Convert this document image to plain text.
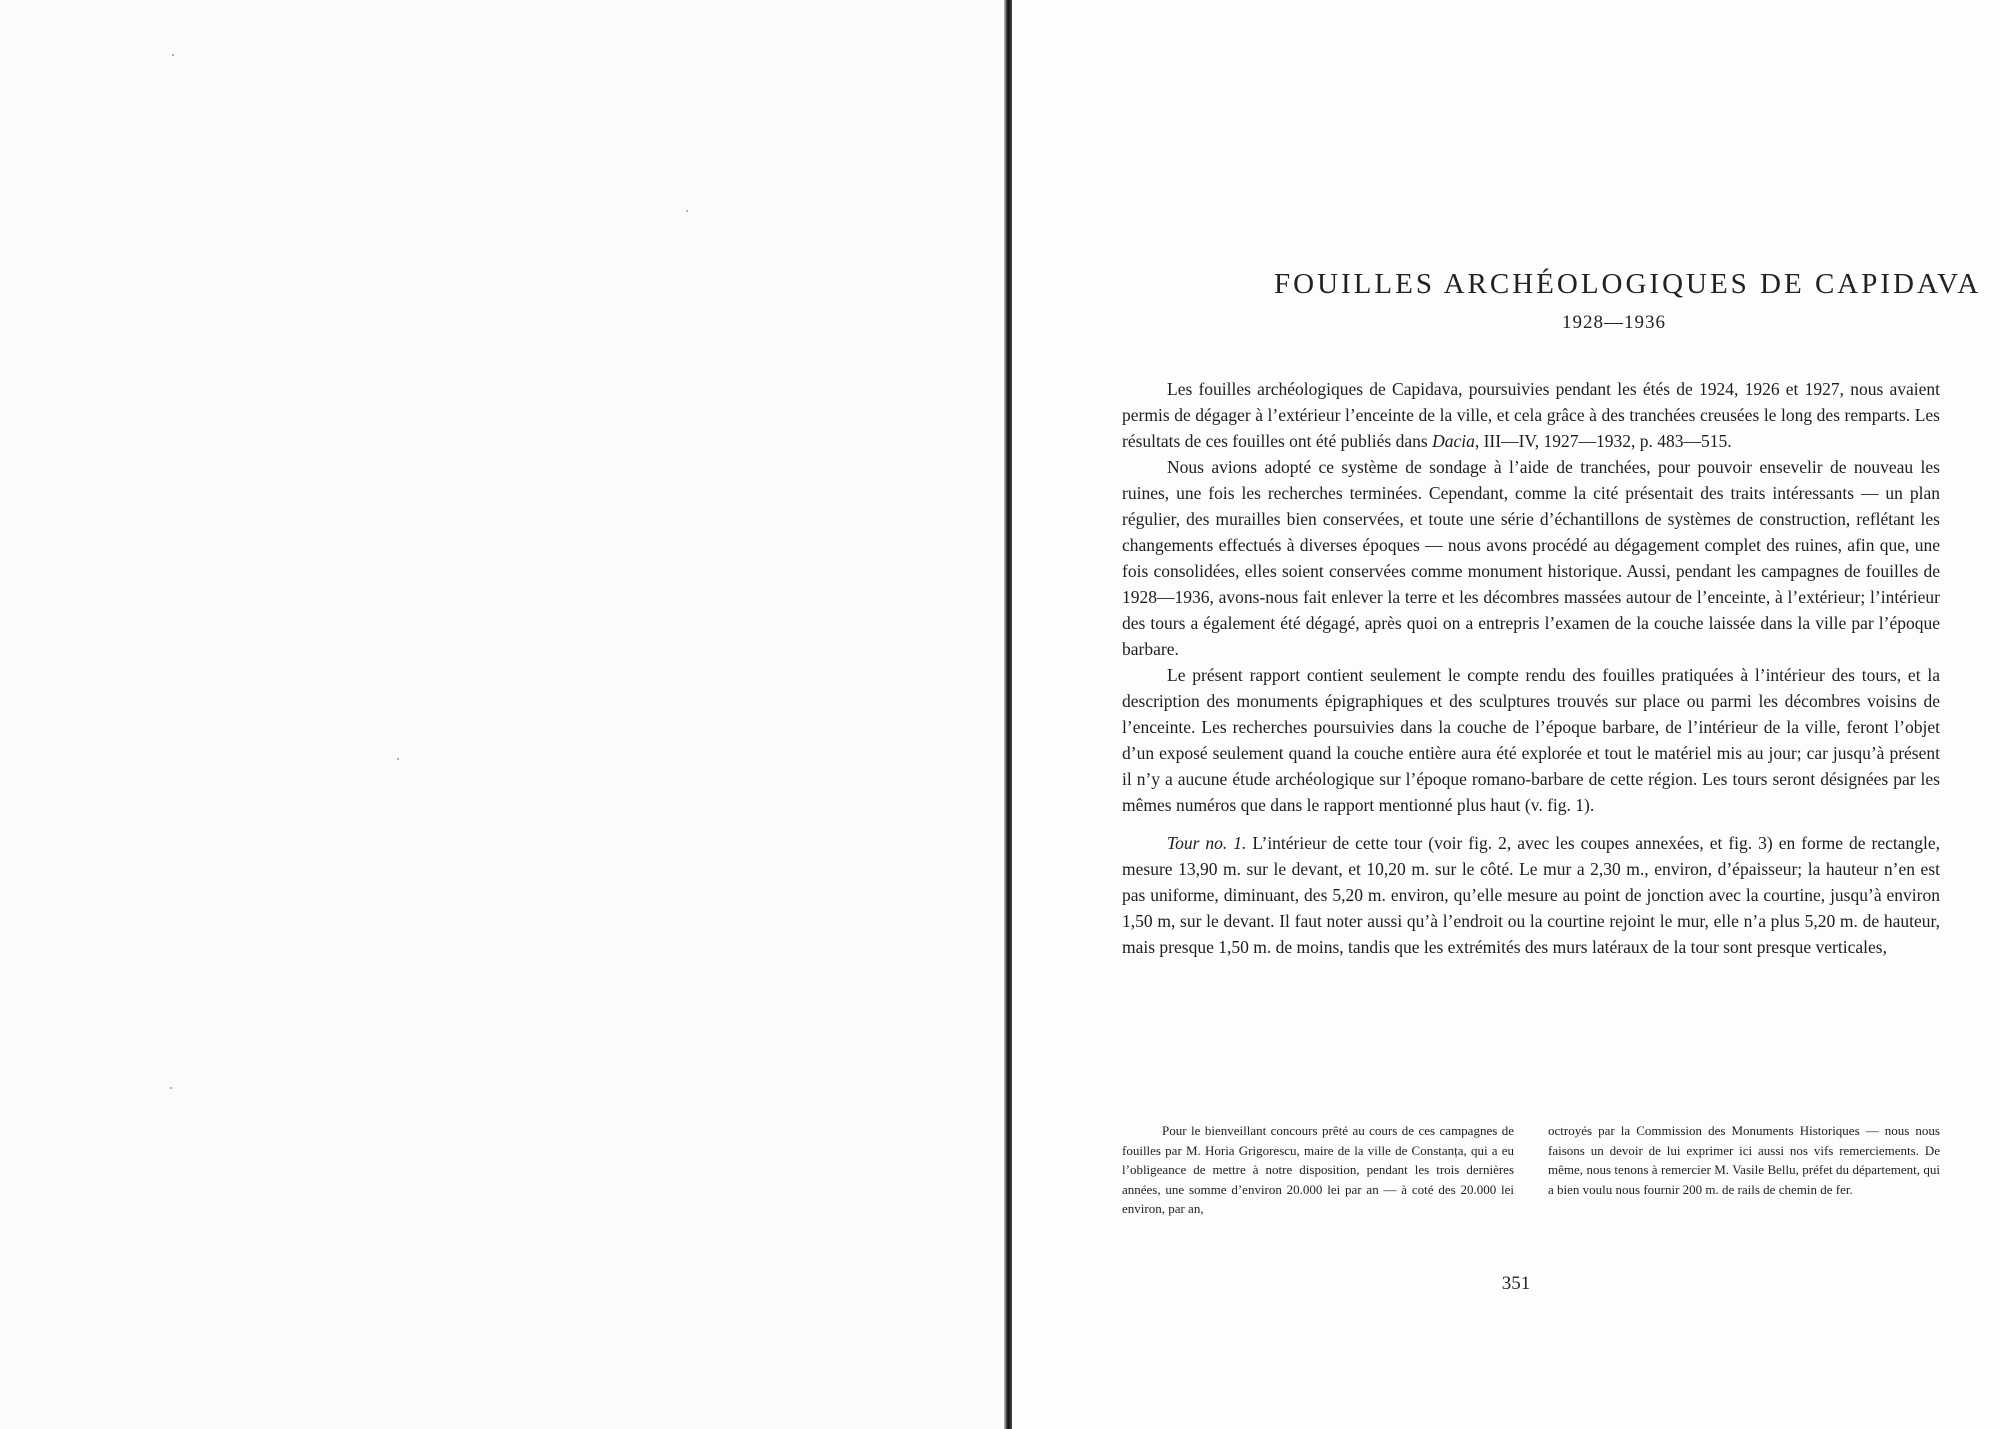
FOUILLES ARCHÉOLOGIQUES DE CAPIDAVA
1928—1936

Les fouilles archéologiques de Capidava, poursuivies pendant les étés de 1924, 1926 et 1927, nous avaient permis de dégager à l’extérieur l’enceinte de la ville, et cela grâce à des tranchées creusées le long des remparts. Les résultats de ces fouilles ont été publiés dans Dacia, III—IV, 1927—1932, p. 483—515.

Nous avions adopté ce système de sondage à l’aide de tranchées, pour pouvoir ensevelir de nouveau les ruines, une fois les recherches terminées. Cependant, comme la cité présentait des traits intéressants — un plan régulier, des murailles bien conservées, et toute une série d’échantillons de systèmes de construction, reflétant les changements effectués à diverses époques — nous avons procédé au dégagement complet des ruines, afin que, une fois consolidées, elles soient conservées comme monument historique. Aussi, pendant les campagnes de fouilles de 1928—1936, avons-nous fait enlever la terre et les décombres massées autour de l’enceinte, à l’extérieur; l’intérieur des tours a également été dégagé, après quoi on a entrepris l’examen de la couche laissée dans la ville par l’époque barbare.

Le présent rapport contient seulement le compte rendu des fouilles pratiquées à l’intérieur des tours, et la description des monuments épigraphiques et des sculptures trouvés sur place ou parmi les décombres voisins de l’enceinte. Les recherches poursuivies dans la couche de l’époque barbare, de l’intérieur de la ville, feront l’objet d’un exposé seulement quand la couche entière aura été explorée et tout le matériel mis au jour; car jusqu’à présent il n’y a aucune étude archéologique sur l’époque romano-barbare de cette région. Les tours seront désignées par les mêmes numéros que dans le rapport mentionné plus haut (v. fig. 1).

Tour no. 1. L’intérieur de cette tour (voir fig. 2, avec les coupes annexées, et fig. 3) en forme de rectangle, mesure 13,90 m. sur le devant, et 10,20 m. sur le côté. Le mur a 2,30 m., environ, d’épaisseur; la hauteur n’en est pas uniforme, diminuant, des 5,20 m. environ, qu’elle mesure au point de jonction avec la courtine, jusqu’à environ 1,50 m, sur le devant. Il faut noter aussi qu’à l’endroit ou la courtine rejoint le mur, elle n’a plus 5,20 m. de hauteur, mais presque 1,50 m. de moins, tandis que les extrémités des murs latéraux de la tour sont presque verticales,

Pour le bienveillant concours prêté au cours de ces campagnes de fouilles par M. Horia Grigorescu, maire de la ville de Constanța, qui a eu l’obligeance de mettre à notre disposition, pendant les trois dernières années, une somme d’environ 20.000 lei par an — à coté des 20.000 lei environ, par an,

octroyés par la Commission des Monuments Historiques — nous nous faisons un devoir de lui exprimer ici aussi nos vifs remerciements. De même, nous tenons à remercier M. Vasile Bellu, préfet du département, qui a bien voulu nous fournir 200 m. de rails de chemin de fer.

351
